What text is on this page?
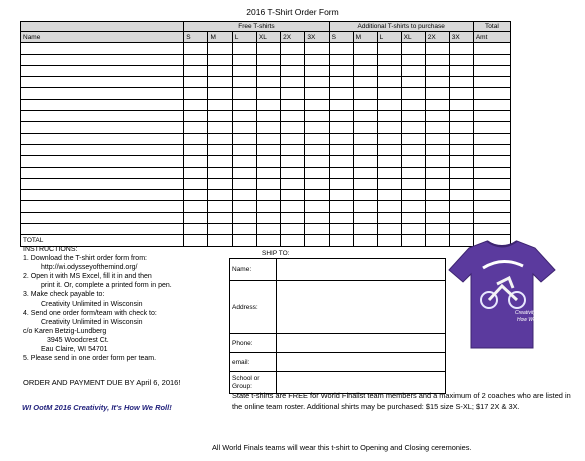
2016 T-Shirt Order Form
	Free T-shirts						Additional T-shirts to purchase						Total
Name	S	M	L	XL	2X	3X	S	M	L	XL	2X	3X	Amt

TOTAL													
INSTRUCTIONS:
1. Download the T-shirt order form from:
http://wi.odysseyofthemind.org/
2. Open it with MS Excel, fill it in and then
print it. Or, complete a printed form in pen.
3. Make check payable to:
Creativity Unlimited in Wisconsin
4. Send one order form/team with check to:
Creativity Unlimited in Wisconsin
c/o Karen Betzig-Lundberg
3945 Woodcrest Ct.
Eau Claire, WI 54701
5. Please send in one order form per team.
ORDER AND PAYMENT DUE BY April 6, 2016!
WI OotM 2016 Creativity, It's How We Roll!
SHIP TO:
Name:	
Address:	
Phone:	
email:	
School or Group:	
Creativity, It's
How We Roll!
State t-shirts are FREE for World Finalist team members and a maximum of 2 coaches who are listed in the online team roster. Additional shirts may be purchased: $15 size S-XL; $17 2X & 3X.
All World Finals teams will wear this t-shirt to Opening and Closing ceremonies.
